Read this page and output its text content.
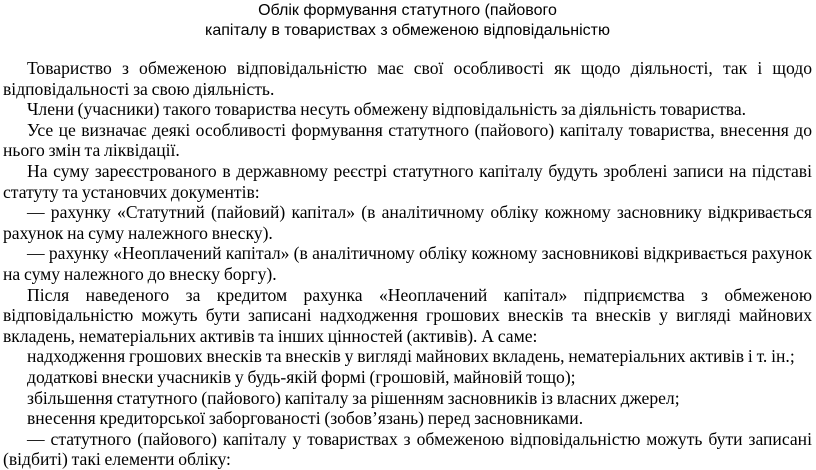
Облік формування статутного (пайового
капіталу в товариствах з обмеженою відповідальністю

Товариство з обмеженою відповідальністю має свої особливості як щодо діяльності, так і щодо відповідальності за свою діяльність.

Члени (учасники) такого товариства несуть обмежену відповідальність за діяльність товариства.

Усе це визначає деякі особливості формування статутного (пайового) капіталу товариства, внесення до нього змін та ліквідації.

На суму зареєстрованого в державному реєстрі статутного капіталу будуть зроблені записи на підставі статуту та установчих документів:

— рахунку «Статутний (пайовий) капітал» (в аналітичному обліку кожному засновнику відкривається рахунок на суму належного внеску).

— рахунку «Неоплачений капітал» (в аналітичному обліку кожному засновникові відкривається рахунок на суму належного до внеску боргу).

Після наведеного за кредитом рахунка «Неоплачений капітал» підприємства з обмеженою відповідальністю можуть бути записані надходження грошових внесків та внесків у вигляді майнових вкладень, нематеріальних активів та інших цінностей (активів). А саме:

надходження грошових внесків та внесків у вигляді майнових вкладень, нематеріальних активів і т. ін.;

додаткові внески учасників у будь-якій формі (грошовій, майновій тощо);

збільшення статутного (пайового) капіталу за рішенням засновників із власних джерел;

внесення кредиторської заборгованості (зобов’язань) перед засновниками.

— статутного (пайового) капіталу у товариствах з обмеженою відповідальністю можуть бути записані (відбиті) такі елементи обліку:
